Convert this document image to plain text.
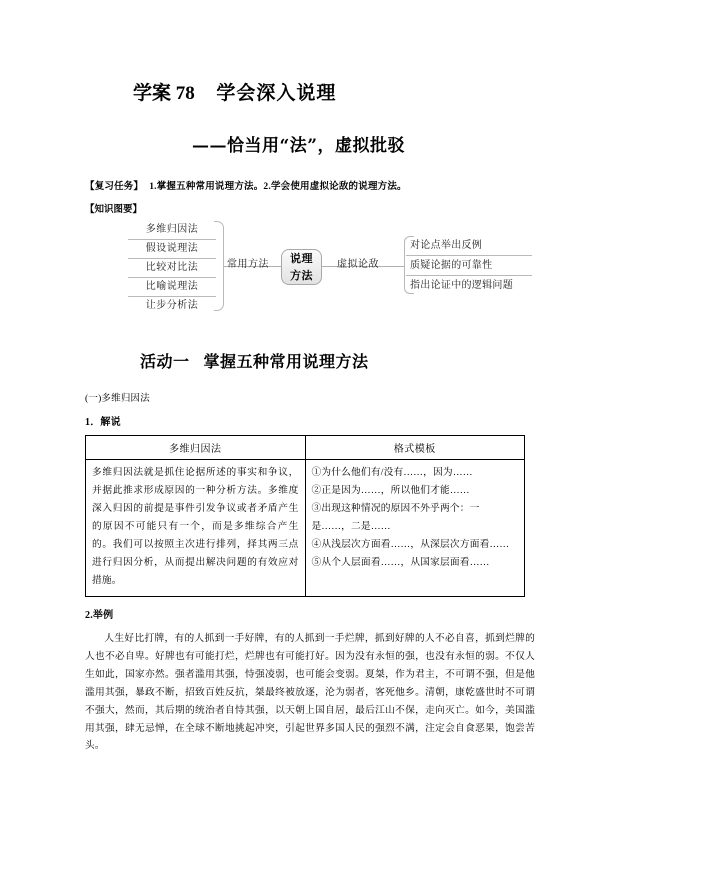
学案 78 学会深入说理
——恰当用“法”，虚拟批驳
【复习任务】 1.掌握五种常用说理方法。2.学会使用虚拟论敌的说理方法。
【知识图要】
多维归因法
假设说理法
比较对比法
比喻说理法
让步分析法
常用方法	说理
方法
虚拟论敌
对论点举出反例
质疑论据的可靠性
指出论证中的逻辑问题
活动一 掌握五种常用说理方法
(一)多维归因法
1．解说
多维归因法	格式模板
多维归因法就是抓住论据所述的事实和争议，并据此推求形成原因的一种分析方法。多维度深入归因的前提是事件引发争议或者矛盾产生的原因不可能只有一个，而是多维综合产生的。我们可以按照主次进行排列，择其两三点进行归因分析，从而提出解决问题的有效应对措施。	①为什么他们有/没有……，因为……
②正是因为……，所以他们才能……
③出现这种情况的原因不外乎两个：一是……，二是……
④从浅层次方面看……，从深层次方面看……
⑤从个人层面看……，从国家层面看……
2.举例
人生好比打牌，有的人抓到一手好牌，有的人抓到一手烂牌，抓到好牌的人不必自喜，抓到烂牌的人也不必自卑。好牌也有可能打烂，烂牌也有可能打好。因为没有永恒的强，也没有永恒的弱。不仅人生如此，国家亦然。强者滥用其强，恃强凌弱，也可能会变弱。夏桀，作为君主，不可谓不强，但是他滥用其强，暴政不断，招致百姓反抗，桀最终被放逐，沦为弱者，客死他乡。清朝，康乾盛世时不可谓不强大，然而，其后期的统治者自恃其强，以天朝上国自居，最后江山不保，走向灭亡。如今，美国滥用其强，肆无忌惮，在全球不断地挑起冲突，引起世界多国人民的强烈不满，注定会自食恶果，饱尝苦头。
